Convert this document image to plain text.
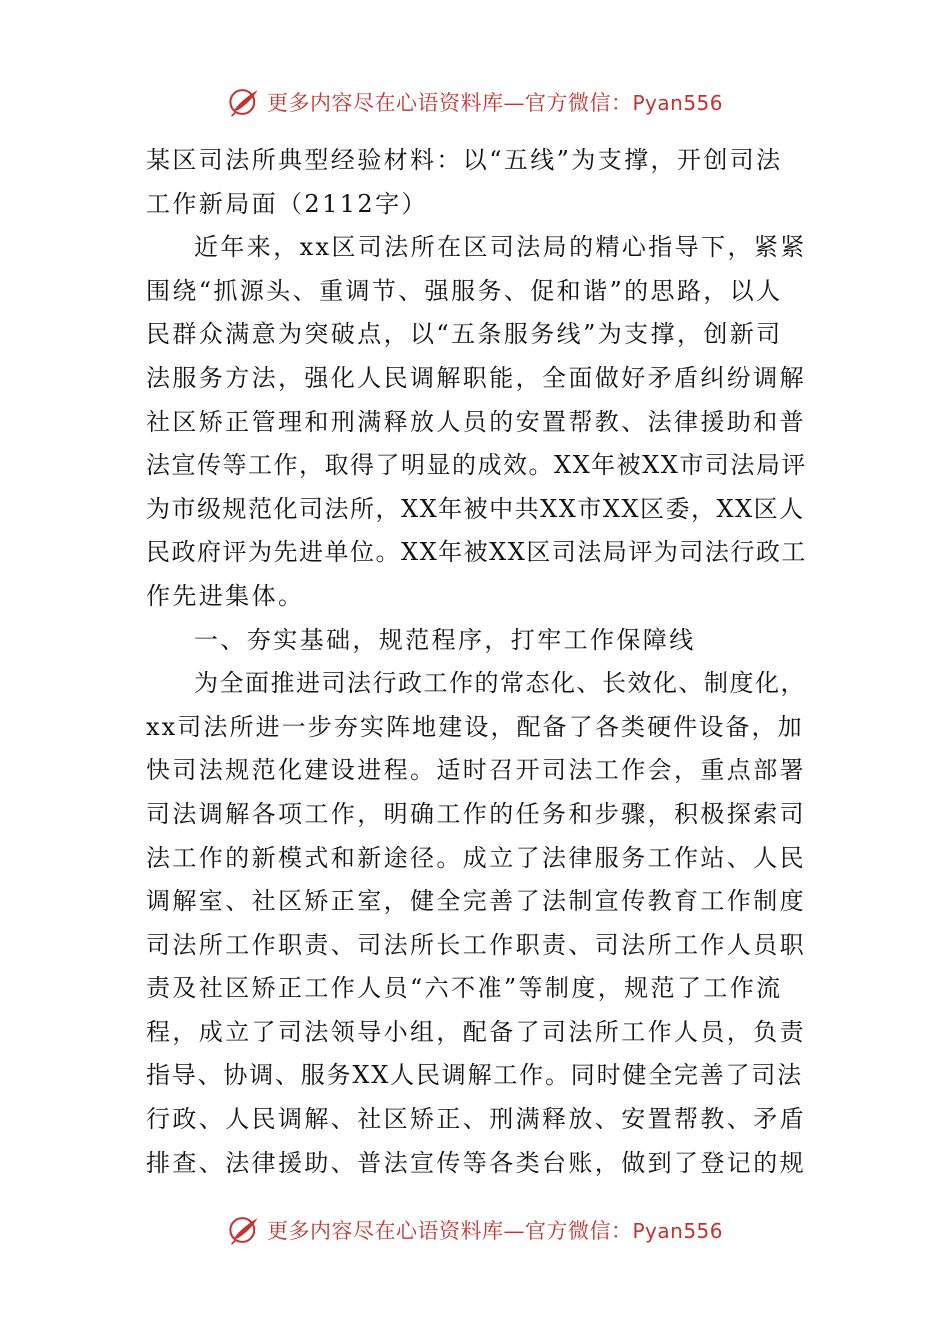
更多内容尽在心语资料库—官方微信：Pyan556
某区司法所典型经验材料：以“五线”为支撑，开创司法
工作新局面（2112字）
近年来，xx区司法所在区司法局的精心指导下，紧紧
围绕“抓源头、重调节、强服务、促和谐”的思路，以人
民群众满意为突破点，以“五条服务线”为支撑，创新司
法服务方法，强化人民调解职能，全面做好矛盾纠纷调解
社区矫正管理和刑满释放人员的安置帮教、法律援助和普
法宣传等工作，取得了明显的成效。XX年被XX市司法局评
为市级规范化司法所，XX年被中共XX市XX区委，XX区人
民政府评为先进单位。XX年被XX区司法局评为司法行政工
作先进集体。
一、夯实基础，规范程序，打牢工作保障线
为全面推进司法行政工作的常态化、长效化、制度化，
xx司法所进一步夯实阵地建设，配备了各类硬件设备，加
快司法规范化建设进程。适时召开司法工作会，重点部署
司法调解各项工作，明确工作的任务和步骤，积极探索司
法工作的新模式和新途径。成立了法律服务工作站、人民
调解室、社区矫正室，健全完善了法制宣传教育工作制度
司法所工作职责、司法所长工作职责、司法所工作人员职
责及社区矫正工作人员“六不准”等制度，规范了工作流
程，成立了司法领导小组，配备了司法所工作人员，负责
指导、协调、服务XX人民调解工作。同时健全完善了司法
行政、人民调解、社区矫正、刑满释放、安置帮教、矛盾
排查、法律援助、普法宣传等各类台账，做到了登记的规
更多内容尽在心语资料库—官方微信：Pyan556
